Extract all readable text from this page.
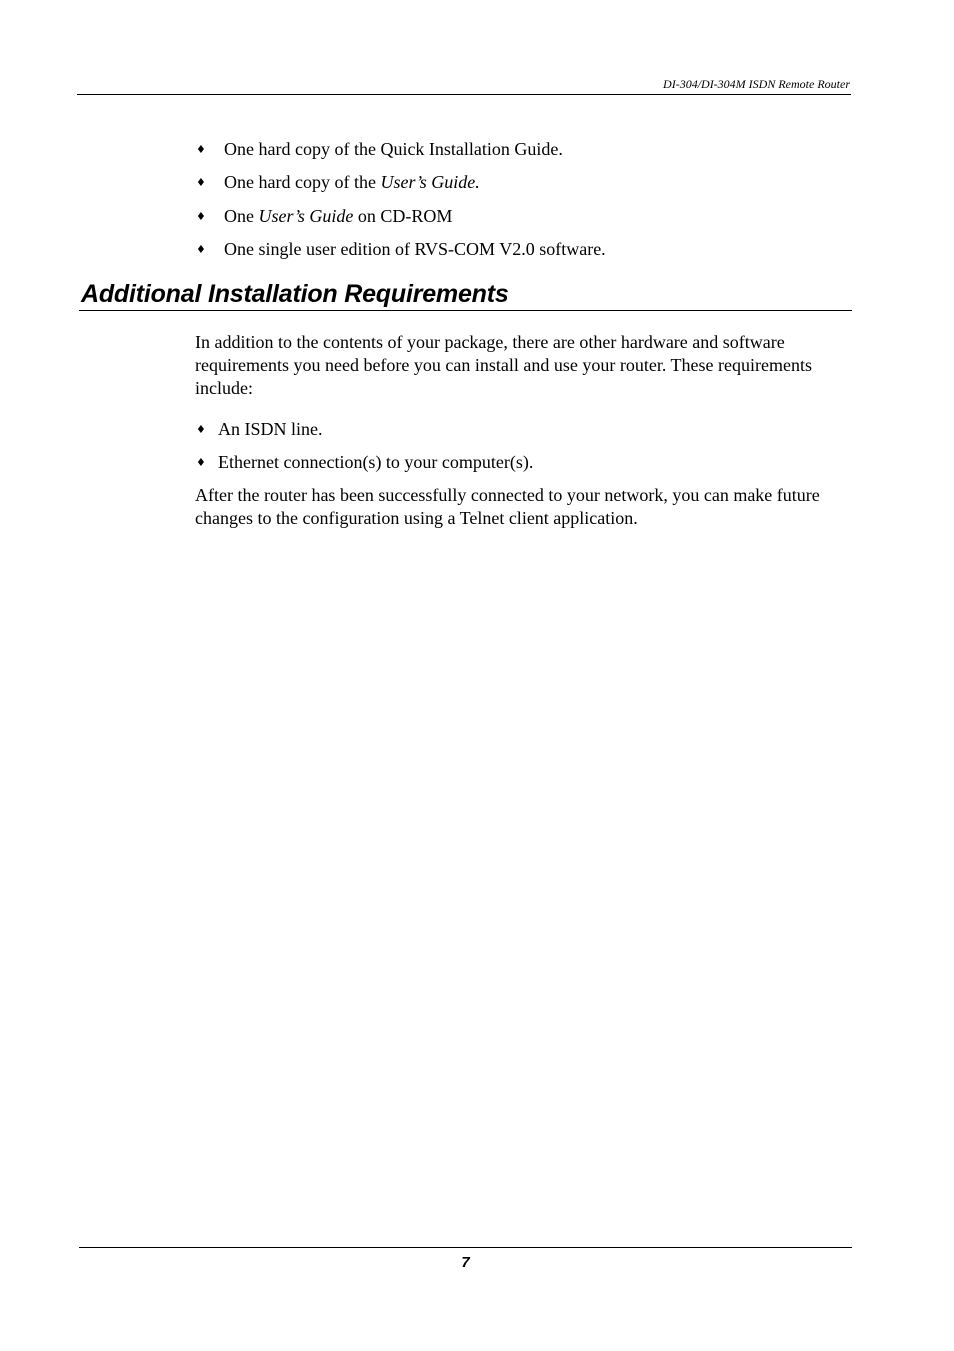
DI-304/DI-304M ISDN Remote Router
♦ One hard copy of the Quick Installation Guide.
♦ One hard copy of the User’s Guide.
♦ One User’s Guide on CD-ROM
♦ One single user edition of RVS-COM V2.0 software.
Additional Installation Requirements

In addition to the contents of your package, there are other hardware and software requirements you need before you can install and use your router. These requirements include:

♦ An ISDN line.
♦ Ethernet connection(s) to your computer(s).

After the router has been successfully connected to your network, you can make future changes to the configuration using a Telnet client application.

7
